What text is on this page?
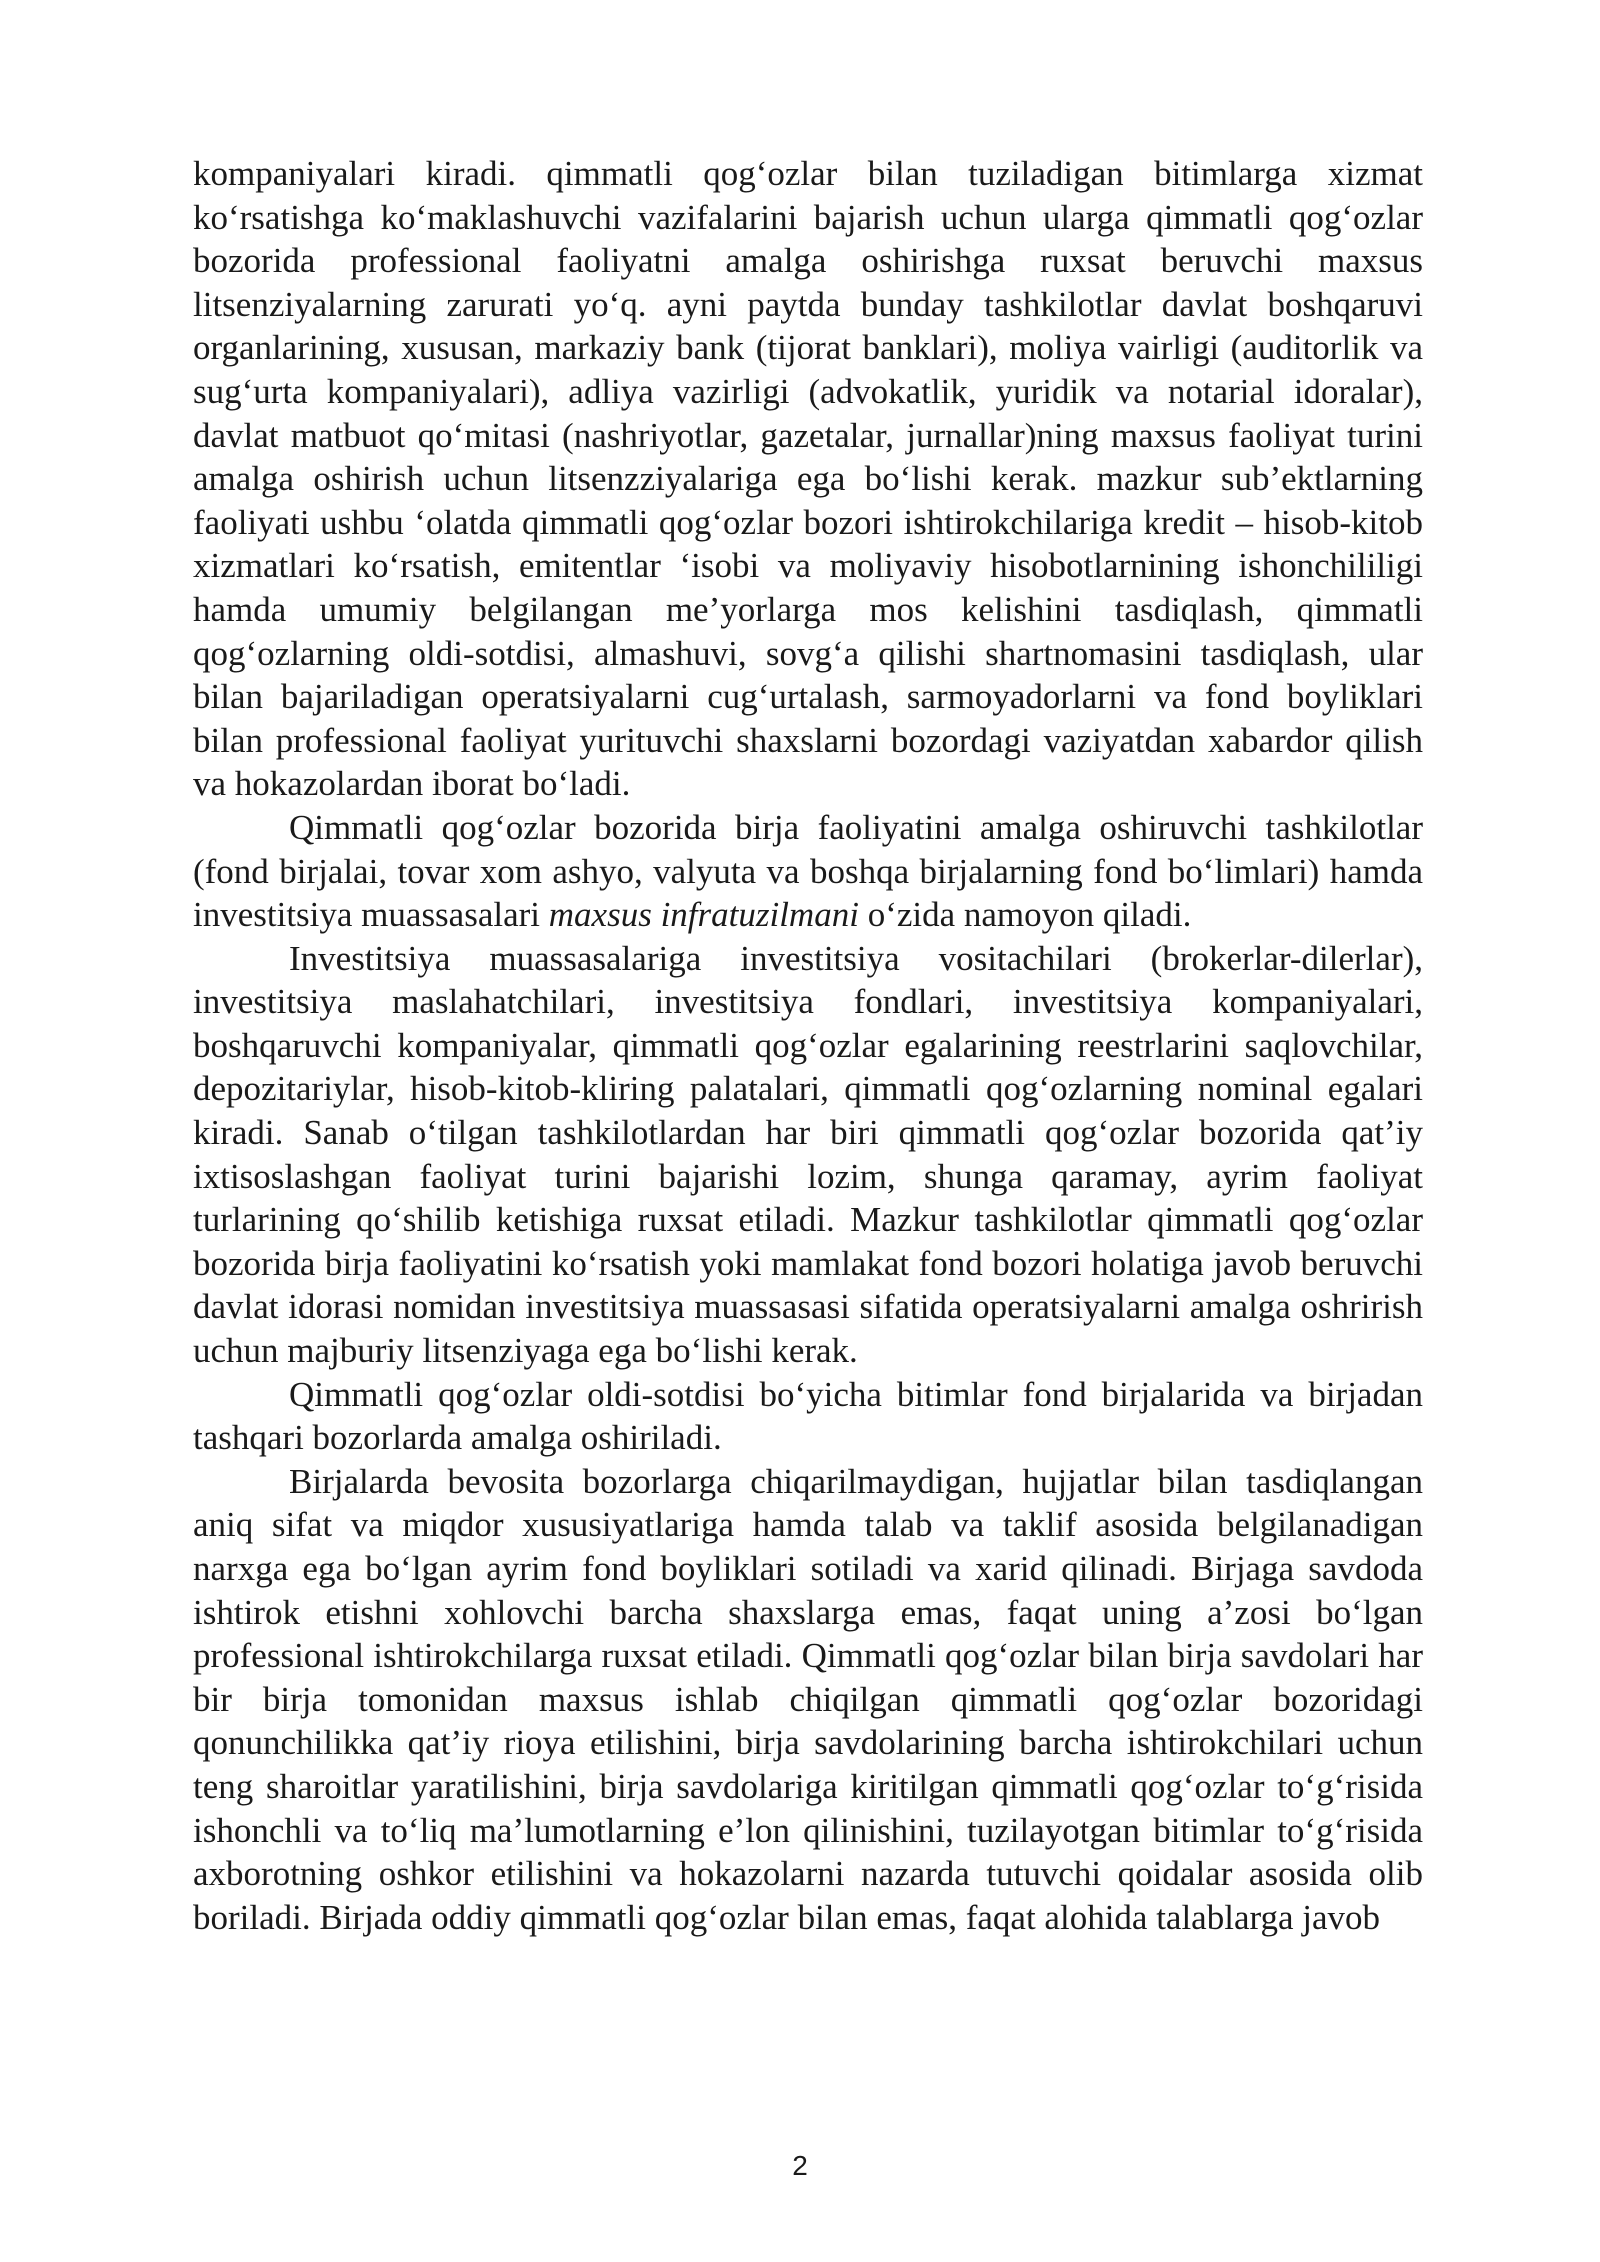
kompaniyalari kiradi. qimmatli qog‘ozlar bilan tuziladigan bitimlarga xizmat ko‘rsatishga ko‘maklashuvchi vazifalarini bajarish uchun ularga qimmatli qog‘ozlar bozorida professional faoliyatni amalga oshirishga ruxsat beruvchi maxsus litsenziyalarning zarurati yo‘q. ayni paytda bunday tashkilotlar davlat boshqaruvi organlarining, xususan, markaziy bank (tijorat banklari), moliya vairligi (auditorlik va sug‘urta kompaniyalari), adliya vazirligi (advokatlik, yuridik va notarial idoralar), davlat matbuot qo‘mitasi (nashriyotlar, gazetalar, jurnallar)ning maxsus faoliyat turini amalga oshirish uchun litsenzziyalariga ega bo‘lishi kerak. mazkur sub’ektlarning faoliyati ushbu ‘olatda qimmatli qog‘ozlar bozori ishtirokchilariga kredit – hisob-kitob xizmatlari ko‘rsatish, emitentlar ‘isobi va moliyaviy hisobotlarnining ishonchililigi hamda umumiy belgilangan me’yorlarga mos kelishini tasdiqlash, qimmatli qog‘ozlarning oldi-sotdisi, almashuvi, sovg‘a qilishi shartnomasini tasdiqlash, ular bilan bajariladigan operatsiyalarni cug‘urtalash, sarmoyadorlarni va fond boyliklari bilan professional faoliyat yurituvchi shaxslarni bozordagi vaziyatdan xabardor qilish va hokazolardan iborat bo‘ladi.

Qimmatli qog‘ozlar bozorida birja faoliyatini amalga oshiruvchi tashkilotlar (fond birjalai, tovar xom ashyo, valyuta va boshqa birjalarning fond bo‘limlari) hamda investitsiya muassasalari maxsus infratuzilmani o‘zida namoyon qiladi.

Investitsiya muassasalariga investitsiya vositachilari (brokerlar-dilerlar), investitsiya maslahatchilari, investitsiya fondlari, investitsiya kompaniyalari, boshqaruvchi kompaniyalar, qimmatli qog‘ozlar egalarining reestrlarini saqlovchilar, depozitariylar, hisob-kitob-kliring palatalari, qimmatli qog‘ozlarning nominal egalari kiradi. Sanab o‘tilgan tashkilotlardan har biri qimmatli qog‘ozlar bozorida qat’iy ixtisoslashgan faoliyat turini bajarishi lozim, shunga qaramay, ayrim faoliyat turlarining qo‘shilib ketishiga ruxsat etiladi. Mazkur tashkilotlar qimmatli qog‘ozlar bozorida birja faoliyatini ko‘rsatish yoki mamlakat fond bozori holatiga javob beruvchi davlat idorasi nomidan investitsiya muassasasi sifatida operatsiyalarni amalga oshrirish uchun majburiy litsenziyaga ega bo‘lishi kerak.

Qimmatli qog‘ozlar oldi-sotdisi bo‘yicha bitimlar fond birjalarida va birjadan tashqari bozorlarda amalga oshiriladi.

Birjalarda bevosita bozorlarga chiqarilmaydigan, hujjatlar bilan tasdiqlangan aniq sifat va miqdor xususiyatlariga hamda talab va taklif asosida belgilanadigan narxga ega bo‘lgan ayrim fond boyliklari sotiladi va xarid qilinadi. Birjaga savdoda ishtirok etishni xohlovchi barcha shaxslarga emas, faqat uning a’zosi bo‘lgan professional ishtirokchilarga ruxsat etiladi. Qimmatli qog‘ozlar bilan birja savdolari har bir birja tomonidan maxsus ishlab chiqilgan qimmatli qog‘ozlar bozoridagi qonunchilikka qat’iy rioya etilishini, birja savdolarining barcha ishtirokchilari uchun teng sharoitlar yaratilishini, birja savdolariga kiritilgan qimmatli qog‘ozlar to‘g‘risida ishonchli va to‘liq ma’lumotlarning e’lon qilinishini, tuzilayotgan bitimlar to‘g‘risida axborotning oshkor etilishini va hokazolarni nazarda tutuvchi qoidalar asosida olib boriladi. Birjada oddiy qimmatli qog‘ozlar bilan emas, faqat alohida talablarga javob

2
